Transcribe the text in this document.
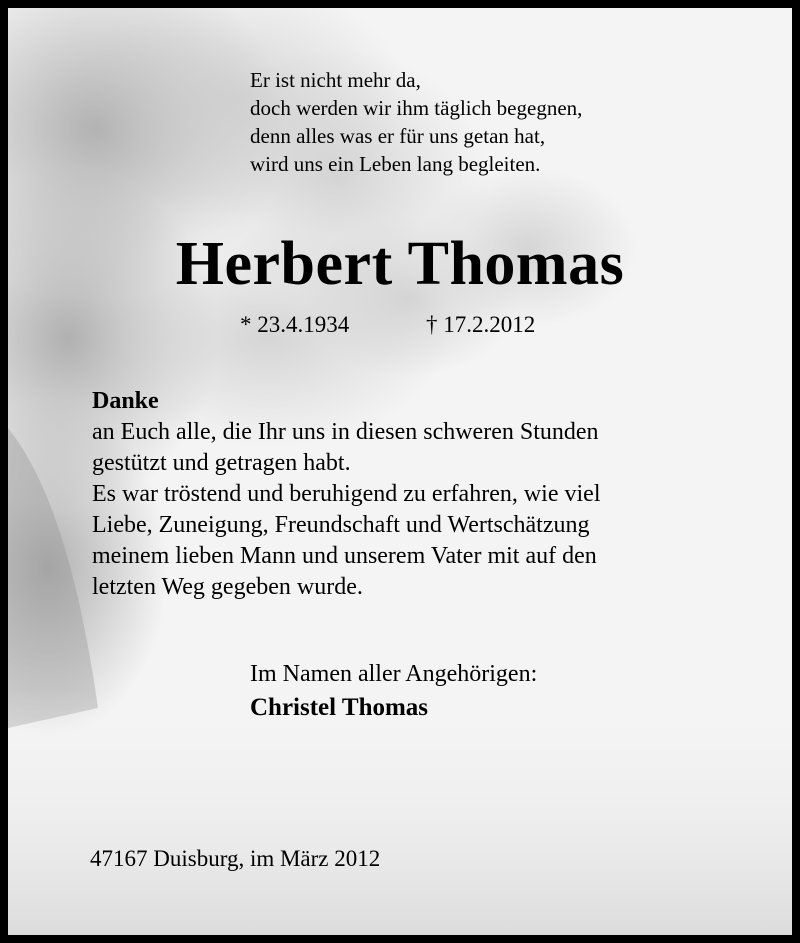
Er ist nicht mehr da,
doch werden wir ihm täglich begegnen,
denn alles was er für uns getan hat,
wird uns ein Leben lang begleiten.
Herbert Thomas
* 23.4.1934	† 17.2.2012
Danke
an Euch alle, die Ihr uns in diesen schweren Stunden
gestützt und getragen habt.
Es war tröstend und beruhigend zu erfahren, wie viel
Liebe, Zuneigung, Freundschaft und Wertschätzung
meinem lieben Mann und unserem Vater mit auf den
letzten Weg gegeben wurde.
Im Namen aller Angehörigen:
Christel Thomas
47167 Duisburg, im März 2012
